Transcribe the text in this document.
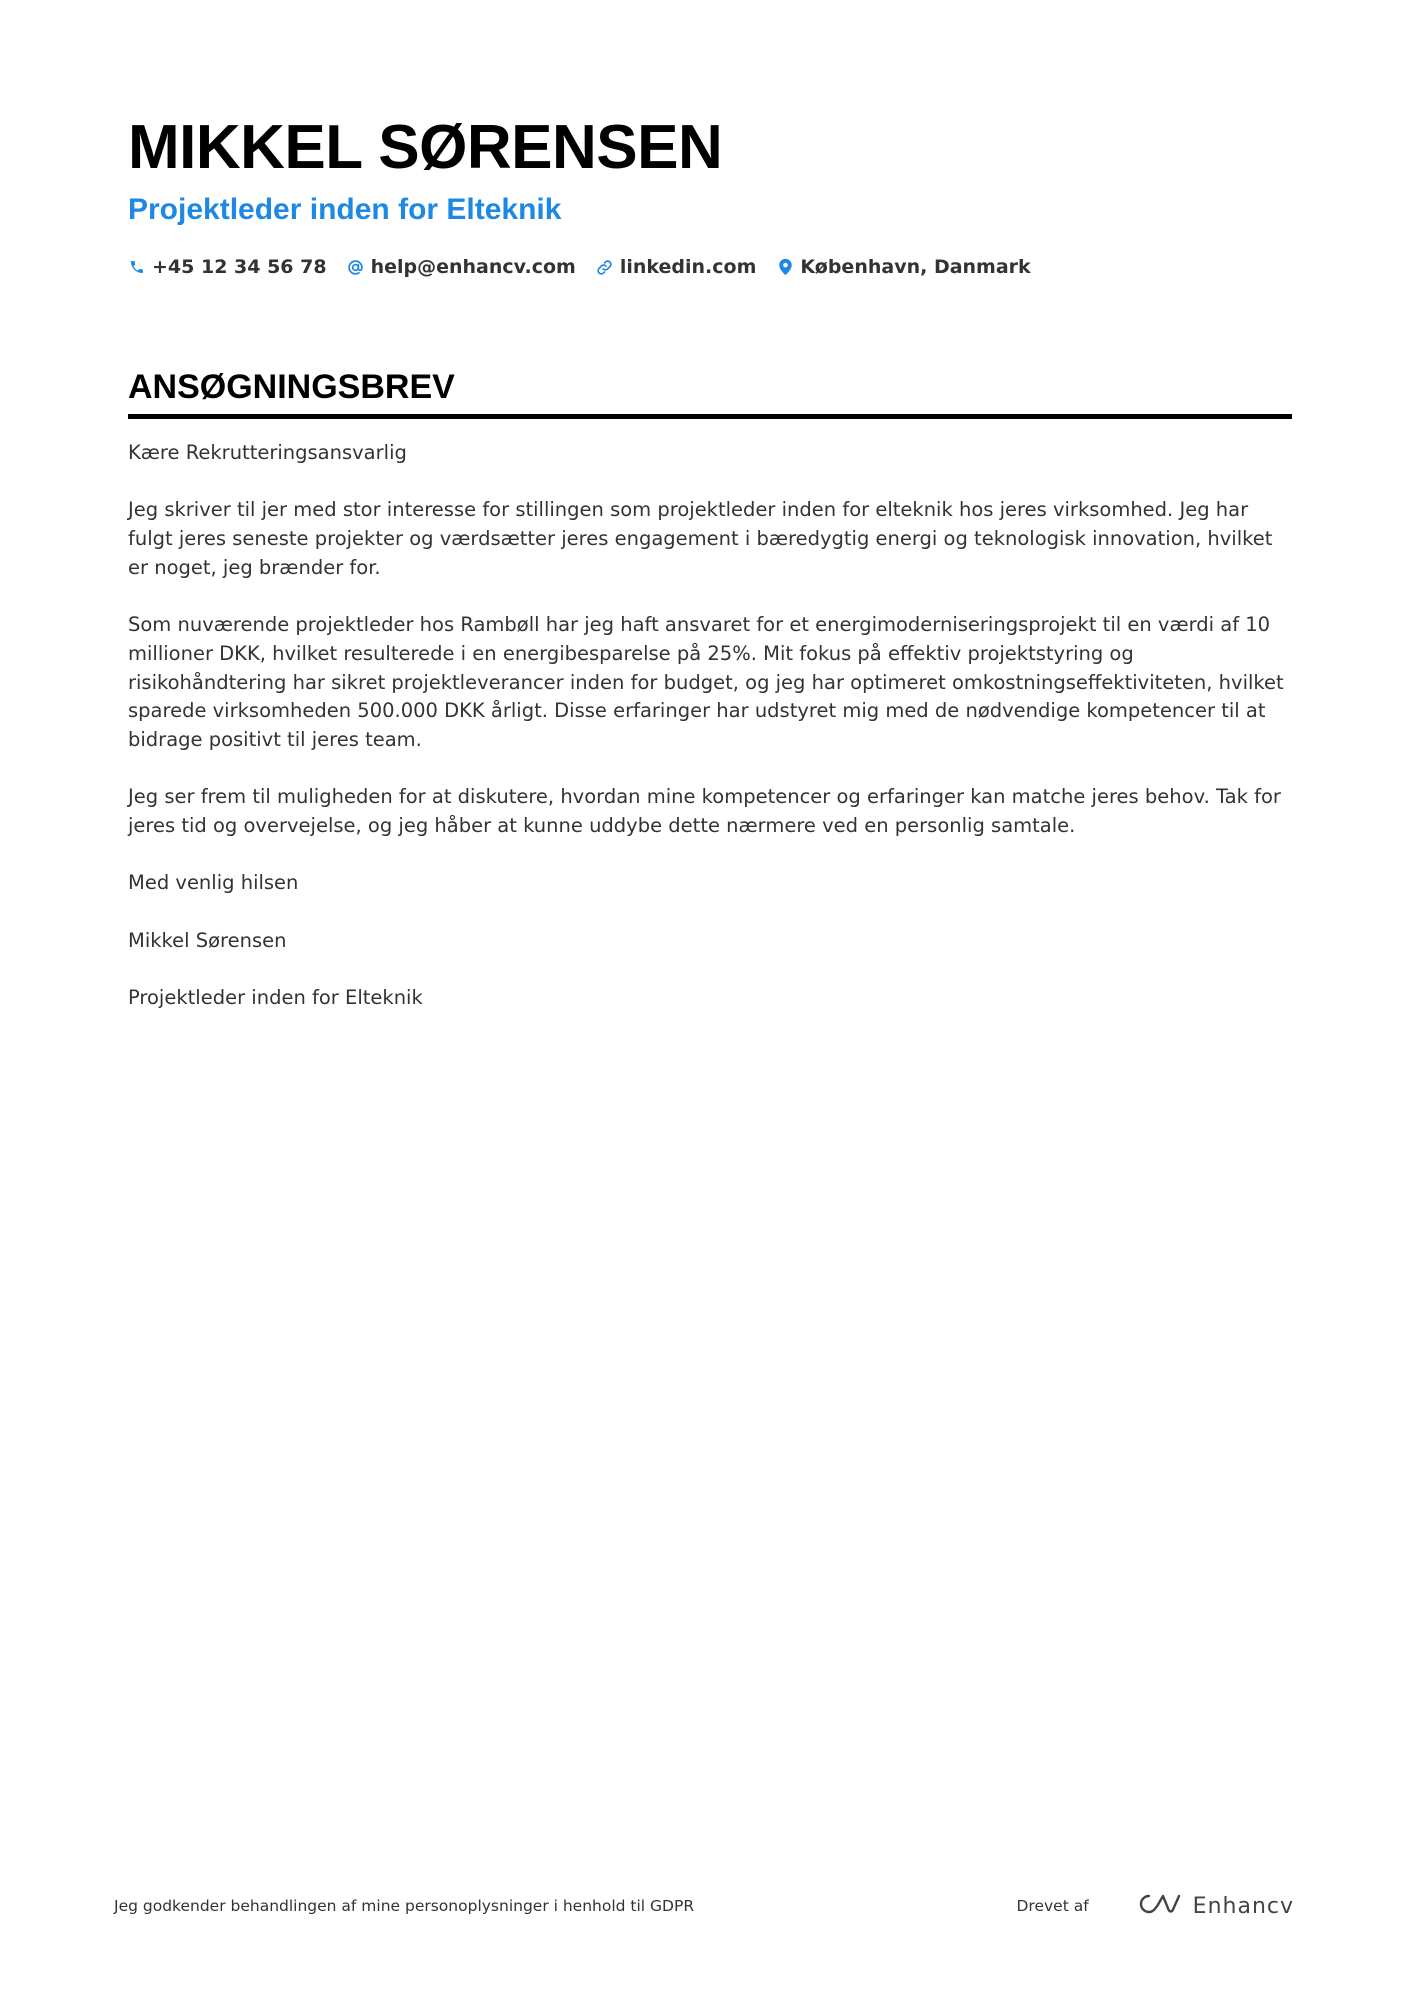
MIKKEL SØRENSEN
Projektleder inden for Elteknik
+45 12 34 56 78 help@enhancv.com linkedin.com København, Danmark
ANSØGNINGSBREV

Kære Rekrutteringsansvarlig

Jeg skriver til jer med stor interesse for stillingen som projektleder inden for elteknik hos jeres virksomhed. Jeg har fulgt jeres seneste projekter og værdsætter jeres engagement i bæredygtig energi og teknologisk innovation, hvilket er noget, jeg brænder for.

Som nuværende projektleder hos Rambøll har jeg haft ansvaret for et energimoderniseringsprojekt til en værdi af 10 millioner DKK, hvilket resulterede i en energibesparelse på 25%. Mit fokus på effektiv projektstyring og risikohåndtering har sikret projektleverancer inden for budget, og jeg har optimeret omkostningseffektiviteten, hvilket sparede virksomheden 500.000 DKK årligt. Disse erfaringer har udstyret mig med de nødvendige kompetencer til at bidrage positivt til jeres team.

Jeg ser frem til muligheden for at diskutere, hvordan mine kompetencer og erfaringer kan matche jeres behov. Tak for jeres tid og overvejelse, og jeg håber at kunne uddybe dette nærmere ved en personlig samtale.

Med venlig hilsen

Mikkel Sørensen

Projektleder inden for Elteknik

Jeg godkender behandlingen af mine personoplysninger i henhold til GDPR	Drevet af	Enhancv
